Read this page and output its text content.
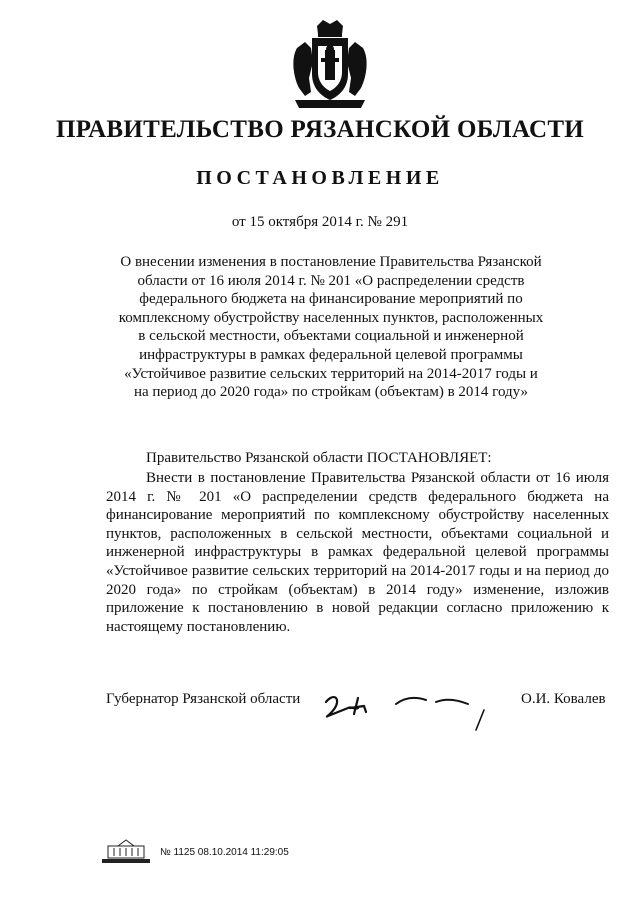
ПРАВИТЕЛЬСТВО РЯЗАНСКОЙ ОБЛАСТИ
ПОСТАНОВЛЕНИЕ
от 15 октября 2014 г. № 291
О внесении изменения в постановление Правительства Рязанской области от 16 июля 2014 г. № 201 «О распределении средств федерального бюджета на финансирование мероприятий по комплексному обустройству населенных пунктов, расположенных в сельской местности, объектами социальной и инженерной инфраструктуры в рамках федеральной целевой программы «Устойчивое развитие сельских территорий на 2014-2017 годы и на период до 2020 года» по стройкам (объектам) в 2014 году»
Правительство Рязанской области ПОСТАНОВЛЯЕТ:
Внести в постановление Правительства Рязанской области от 16 июля 2014 г. № 201 «О распределении средств федерального бюджета на финансирование мероприятий по комплексному обустройству населенных пунктов, расположенных в сельской местности, объектами социальной и инженерной инфраструктуры в рамках федеральной целевой программы «Устойчивое развитие сельских территорий на 2014-2017 годы и на период до 2020 года» по стройкам (объектам) в 2014 году» изменение, изложив приложение к постановлению в новой редакции согласно приложению к настоящему постановлению.
Губернатор Рязанской области	О.И. Ковалев
№ 1125 08.10.2014 11:29:05
